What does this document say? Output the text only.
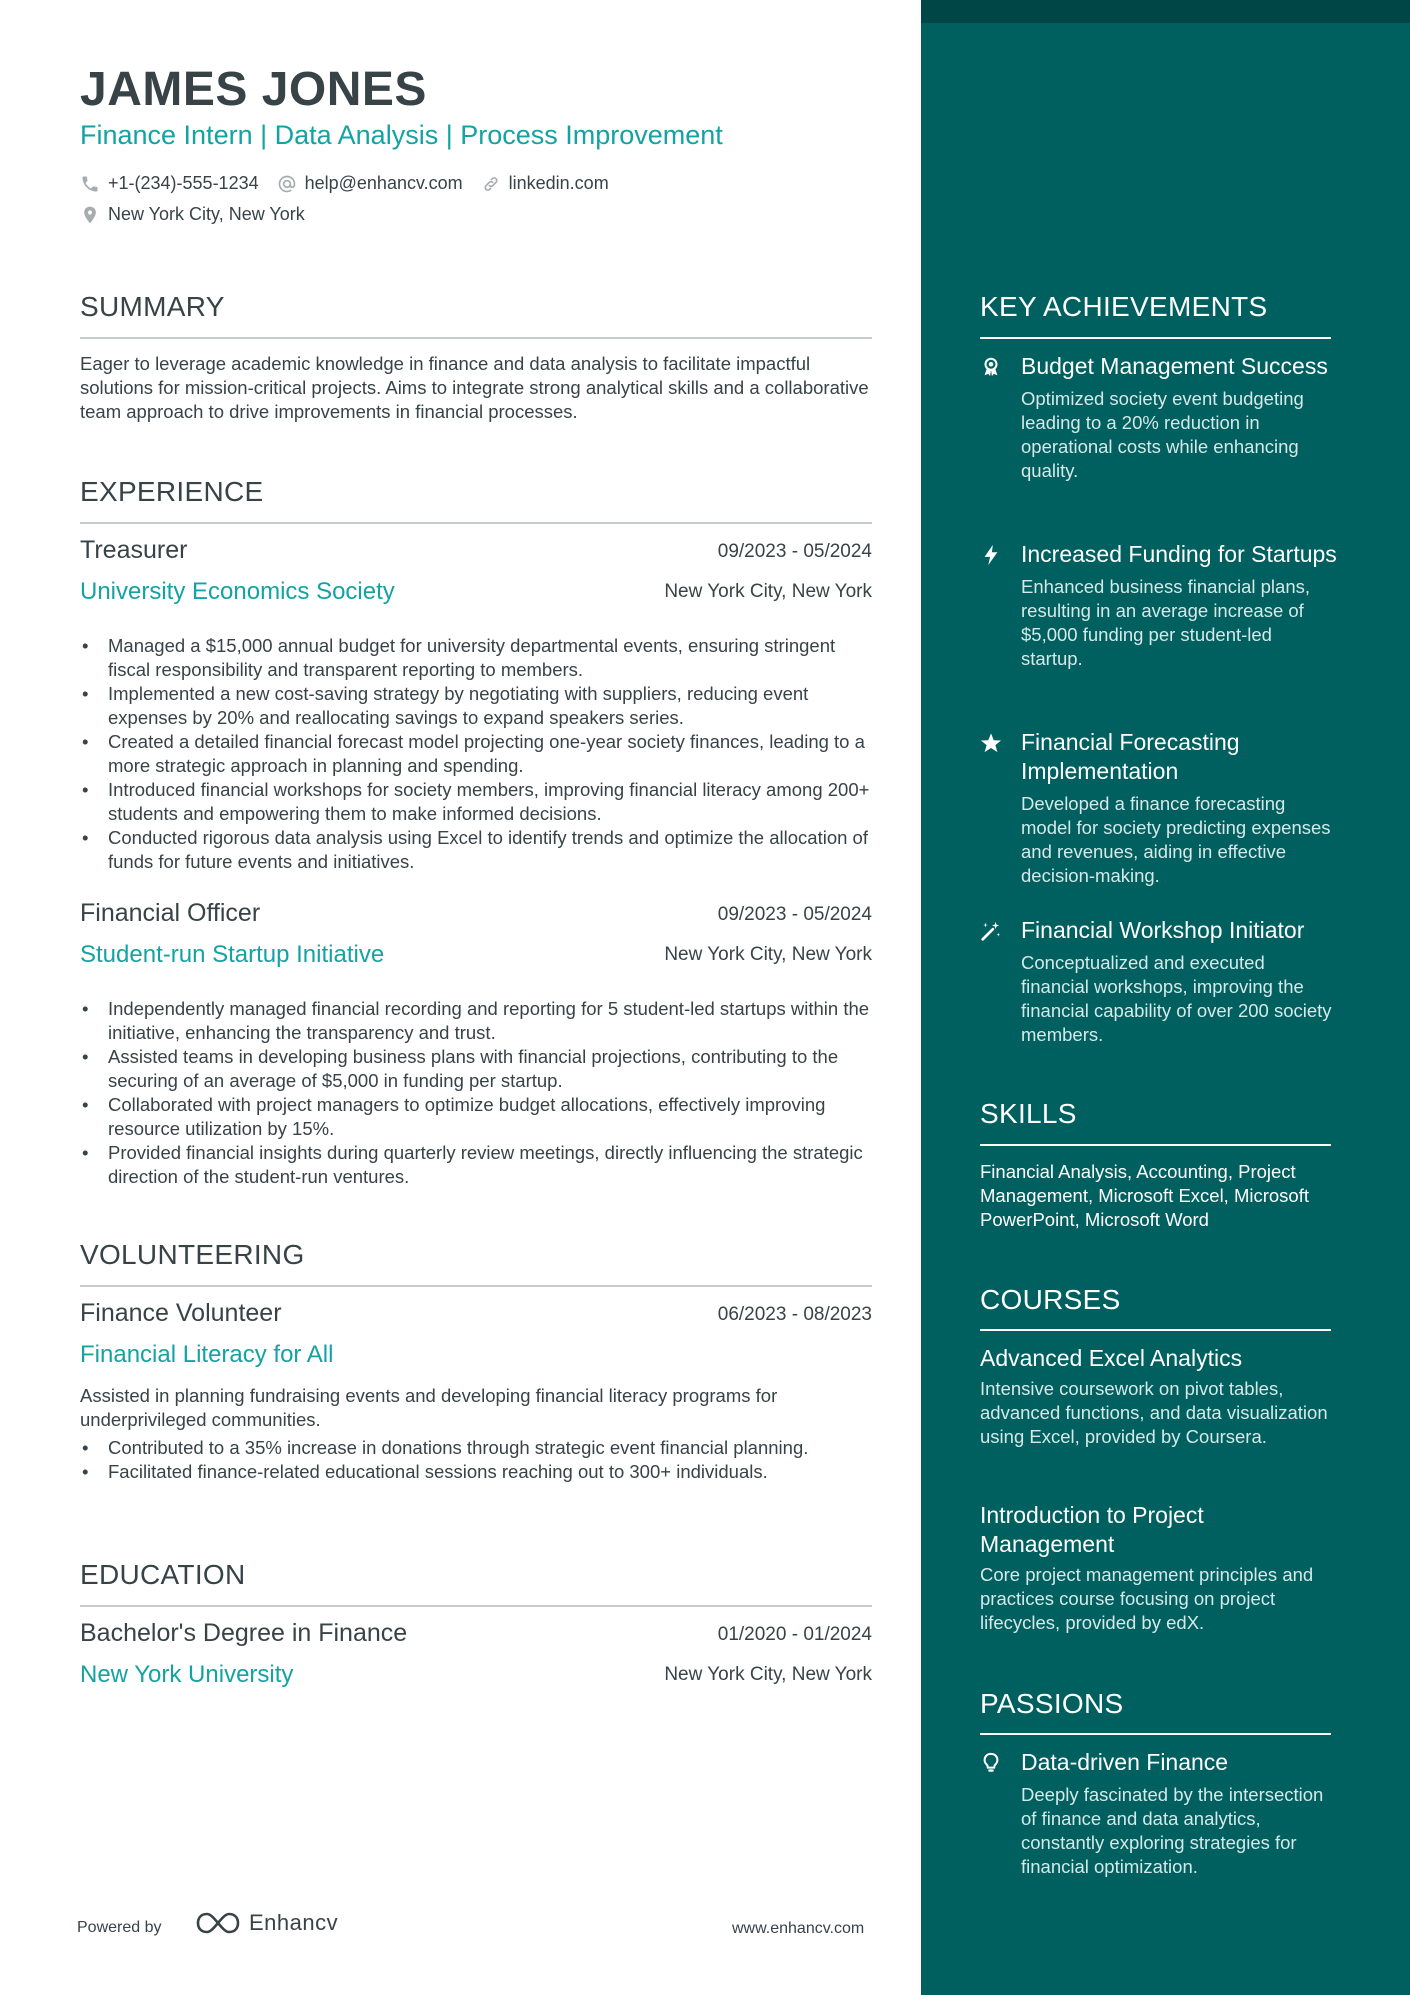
KEY ACHIEVEMENTS
Budget Management Success
Optimized society event budgeting leading to a 20% reduction in operational costs while enhancing quality.
Increased Funding for Startups
Enhanced business financial plans, resulting in an average increase of $5,000 funding per student-led startup.
Financial Forecasting Implementation
Developed a finance forecasting model for society predicting expenses and revenues, aiding in effective decision-making.
Financial Workshop Initiator
Conceptualized and executed financial workshops, improving the financial capability of over 200 society members.
SKILLS

Financial Analysis, Accounting, Project Management, Microsoft Excel, Microsoft PowerPoint, Microsoft Word

COURSES
Advanced Excel Analytics
Intensive coursework on pivot tables, advanced functions, and data visualization using Excel, provided by Coursera.
Introduction to Project Management
Core project management principles and practices course focusing on project lifecycles, provided by edX.
PASSIONS
Data-driven Finance
Deeply fascinated by the intersection of finance and data analytics, constantly exploring strategies for financial optimization.
JAMES JONES
Finance Intern | Data Analysis | Process Improvement
+1-(234)-555-1234	help@enhancv.com	linkedin.com
New York City, New York
SUMMARY

Eager to leverage academic knowledge in finance and data analysis to facilitate impactful solutions for mission-critical projects. Aims to integrate strong analytical skills and a collaborative team approach to drive improvements in financial processes.

EXPERIENCE
Treasurer	09/2023 - 05/2024
University Economics Society	New York City, New York
• Managed a $15,000 annual budget for university departmental events, ensuring stringent fiscal responsibility and transparent reporting to members.
• Implemented a new cost-saving strategy by negotiating with suppliers, reducing event expenses by 20% and reallocating savings to expand speakers series.
• Created a detailed financial forecast model projecting one-year society finances, leading to a more strategic approach in planning and spending.
• Introduced financial workshops for society members, improving financial literacy among 200+ students and empowering them to make informed decisions.
• Conducted rigorous data analysis using Excel to identify trends and optimize the allocation of funds for future events and initiatives.
Financial Officer	09/2023 - 05/2024
Student-run Startup Initiative	New York City, New York
• Independently managed financial recording and reporting for 5 student-led startups within the initiative, enhancing the transparency and trust.
• Assisted teams in developing business plans with financial projections, contributing to the securing of an average of $5,000 in funding per startup.
• Collaborated with project managers to optimize budget allocations, effectively improving resource utilization by 15%.
• Provided financial insights during quarterly review meetings, directly influencing the strategic direction of the student-run ventures.
VOLUNTEERING
Finance Volunteer	06/2023 - 08/2023
Financial Literacy for All

Assisted in planning fundraising events and developing financial literacy programs for underprivileged communities.

• Contributed to a 35% increase in donations through strategic event financial planning.
• Facilitated finance-related educational sessions reaching out to 300+ individuals.
EDUCATION
Bachelor's Degree in Finance	01/2020 - 01/2024
New York University	New York City, New York
Powered by	Enhancv	www.enhancv.com
